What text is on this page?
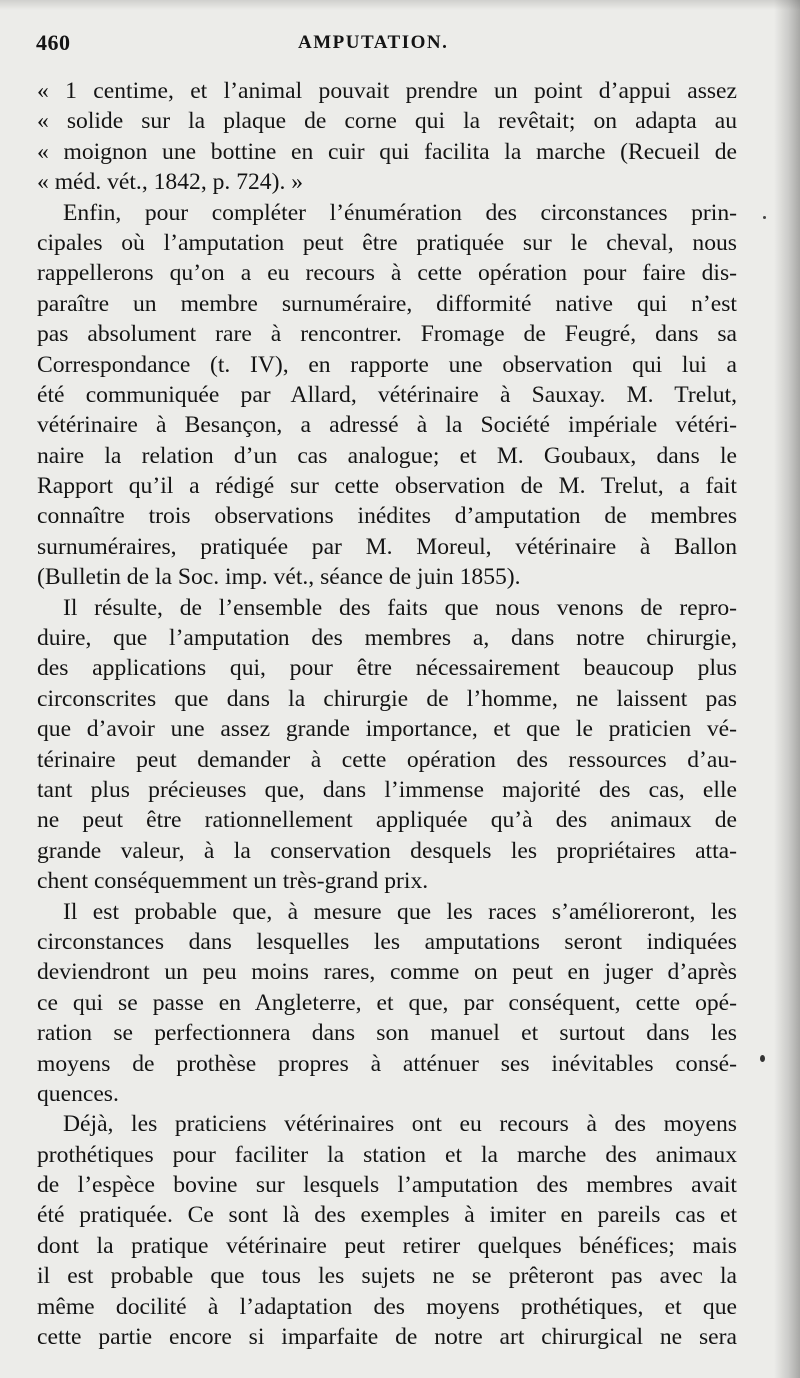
460	AMPUTATION.
« 1 centime, et l’animal pouvait prendre un point d’appui assez
« solide sur la plaque de corne qui la revêtait; on adapta au
« moignon une bottine en cuir qui facilita la marche (Recueil de
« méd. vét., 1842, p. 724). »
Enfin, pour compléter l’énumération des circonstances prin-
cipales où l’amputation peut être pratiquée sur le cheval, nous
rappellerons qu’on a eu recours à cette opération pour faire dis-
paraître un membre surnuméraire, difformité native qui n’est
pas absolument rare à rencontrer. Fromage de Feugré, dans sa
Correspondance (t. IV), en rapporte une observation qui lui a
été communiquée par Allard, vétérinaire à Sauxay. M. Trelut,
vétérinaire à Besançon, a adressé à la Société impériale vétéri-
naire la relation d’un cas analogue; et M. Goubaux, dans le
Rapport qu’il a rédigé sur cette observation de M. Trelut, a fait
connaître trois observations inédites d’amputation de membres
surnuméraires, pratiquée par M. Moreul, vétérinaire à Ballon
(Bulletin de la Soc. imp. vét., séance de juin 1855).
Il résulte, de l’ensemble des faits que nous venons de repro-
duire, que l’amputation des membres a, dans notre chirurgie,
des applications qui, pour être nécessairement beaucoup plus
circonscrites que dans la chirurgie de l’homme, ne laissent pas
que d’avoir une assez grande importance, et que le praticien vé-
térinaire peut demander à cette opération des ressources d’au-
tant plus précieuses que, dans l’immense majorité des cas, elle
ne peut être rationnellement appliquée qu’à des animaux de
grande valeur, à la conservation desquels les propriétaires atta-
chent conséquemment un très-grand prix.
Il est probable que, à mesure que les races s’amélioreront, les
circonstances dans lesquelles les amputations seront indiquées
deviendront un peu moins rares, comme on peut en juger d’après
ce qui se passe en Angleterre, et que, par conséquent, cette opé-
ration se perfectionnera dans son manuel et surtout dans les
moyens de prothèse propres à atténuer ses inévitables consé-
quences.
Déjà, les praticiens vétérinaires ont eu recours à des moyens
prothétiques pour faciliter la station et la marche des animaux
de l’espèce bovine sur lesquels l’amputation des membres avait
été pratiquée. Ce sont là des exemples à imiter en pareils cas et
dont la pratique vétérinaire peut retirer quelques bénéfices; mais
il est probable que tous les sujets ne se prêteront pas avec la
même docilité à l’adaptation des moyens prothétiques, et que
cette partie encore si imparfaite de notre art chirurgical ne sera
